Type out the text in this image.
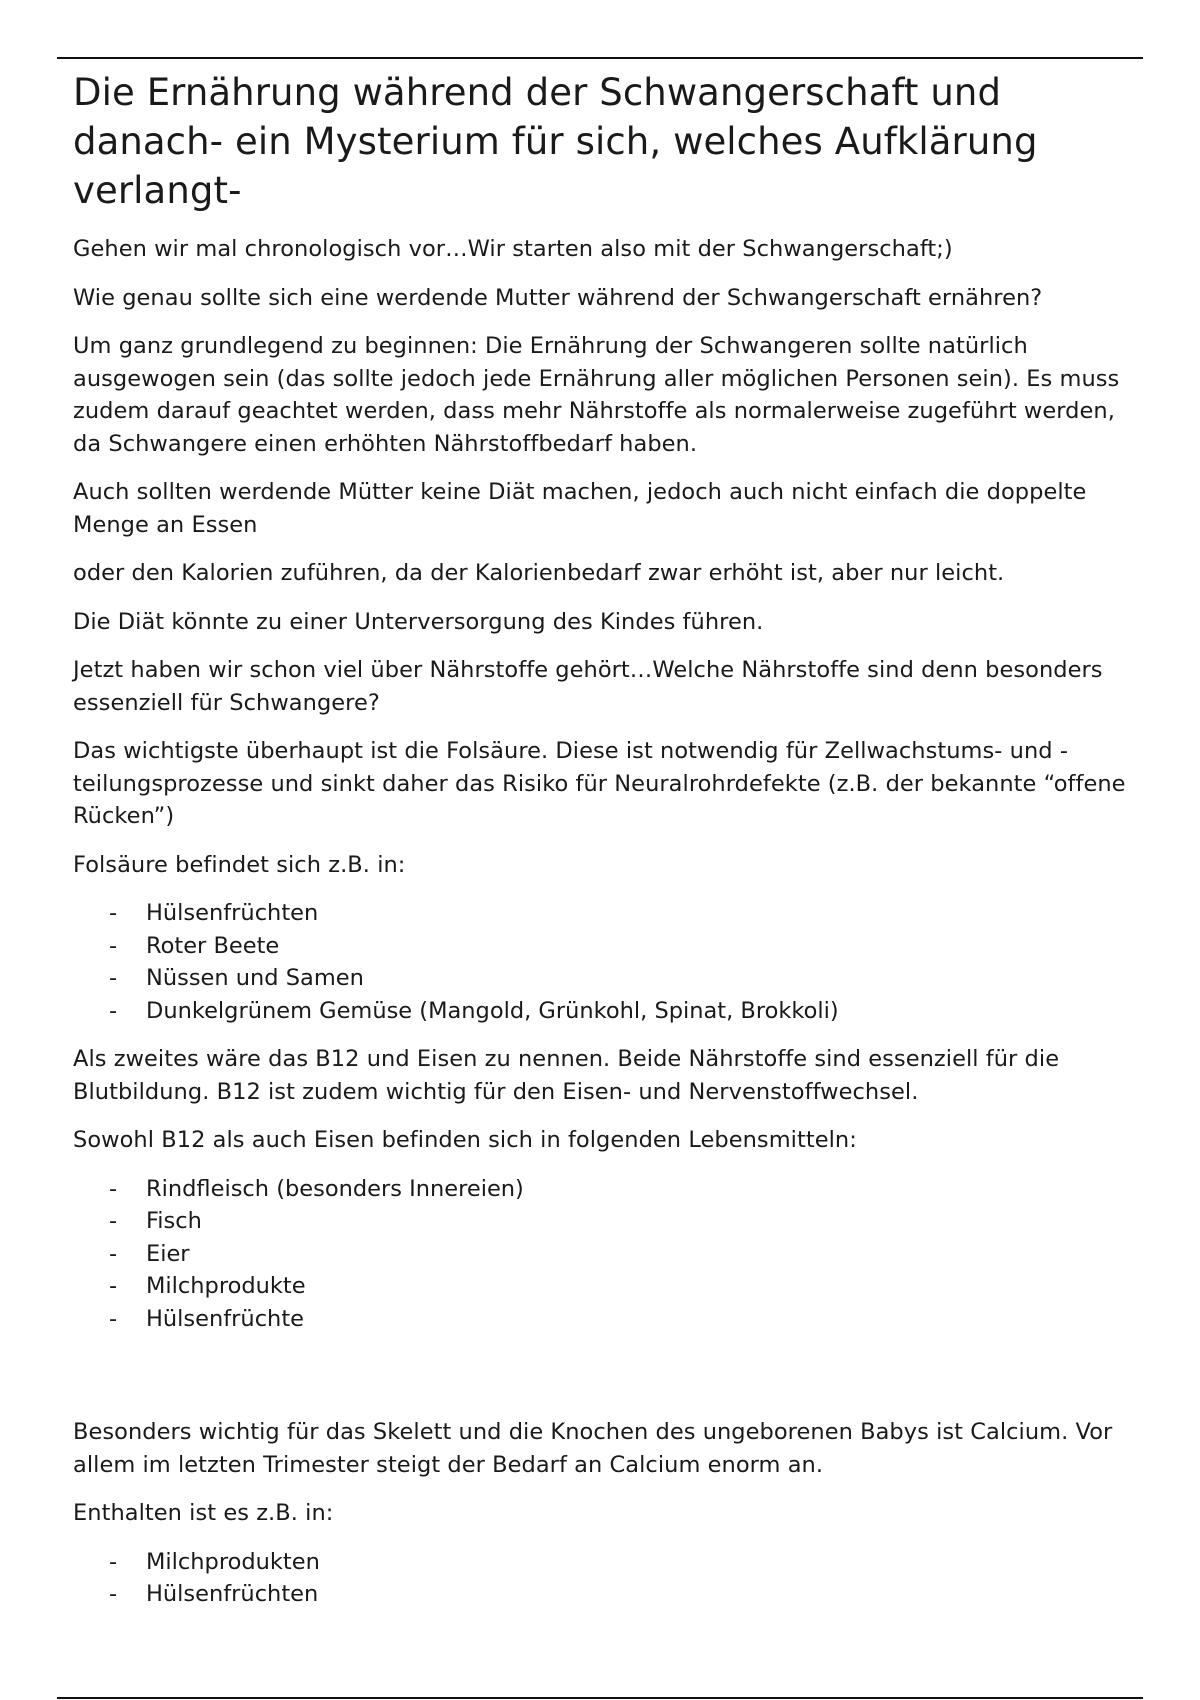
Die Ernährung während der Schwangerschaft und danach- ein Mysterium für sich, welches Aufklärung verlangt-

Gehen wir mal chronologisch vor…Wir starten also mit der Schwangerschaft;)

Wie genau sollte sich eine werdende Mutter während der Schwangerschaft ernähren?

Um ganz grundlegend zu beginnen: Die Ernährung der Schwangeren sollte natürlich ausgewogen sein (das sollte jedoch jede Ernährung aller möglichen Personen sein). Es muss zudem darauf geachtet werden, dass mehr Nährstoffe als normalerweise zugeführt werden, da Schwangere einen erhöhten Nährstoffbedarf haben.

Auch sollten werdende Mütter keine Diät machen, jedoch auch nicht einfach die doppelte Menge an Essen

oder den Kalorien zuführen, da der Kalorienbedarf zwar erhöht ist, aber nur leicht.

Die Diät könnte zu einer Unterversorgung des Kindes führen.

Jetzt haben wir schon viel über Nährstoffe gehört…Welche Nährstoffe sind denn besonders essenziell für Schwangere?

Das wichtigste überhaupt ist die Folsäure. Diese ist notwendig für Zellwachstums- und -teilungsprozesse und sinkt daher das Risiko für Neuralrohrdefekte (z.B. der bekannte “offene Rücken”)

Folsäure befindet sich z.B. in:

- Hülsenfrüchten
- Roter Beete
- Nüssen und Samen
- Dunkelgrünem Gemüse (Mangold, Grünkohl, Spinat, Brokkoli)

Als zweites wäre das B12 und Eisen zu nennen. Beide Nährstoffe sind essenziell für die Blutbildung. B12 ist zudem wichtig für den Eisen- und Nervenstoffwechsel.

Sowohl B12 als auch Eisen befinden sich in folgenden Lebensmitteln:

- Rindfleisch (besonders Innereien)
- Fisch
- Eier
- Milchprodukte
- Hülsenfrüchte

Besonders wichtig für das Skelett und die Knochen des ungeborenen Babys ist Calcium. Vor allem im letzten Trimester steigt der Bedarf an Calcium enorm an.

Enthalten ist es z.B. in:

- Milchprodukten
- Hülsenfrüchten
